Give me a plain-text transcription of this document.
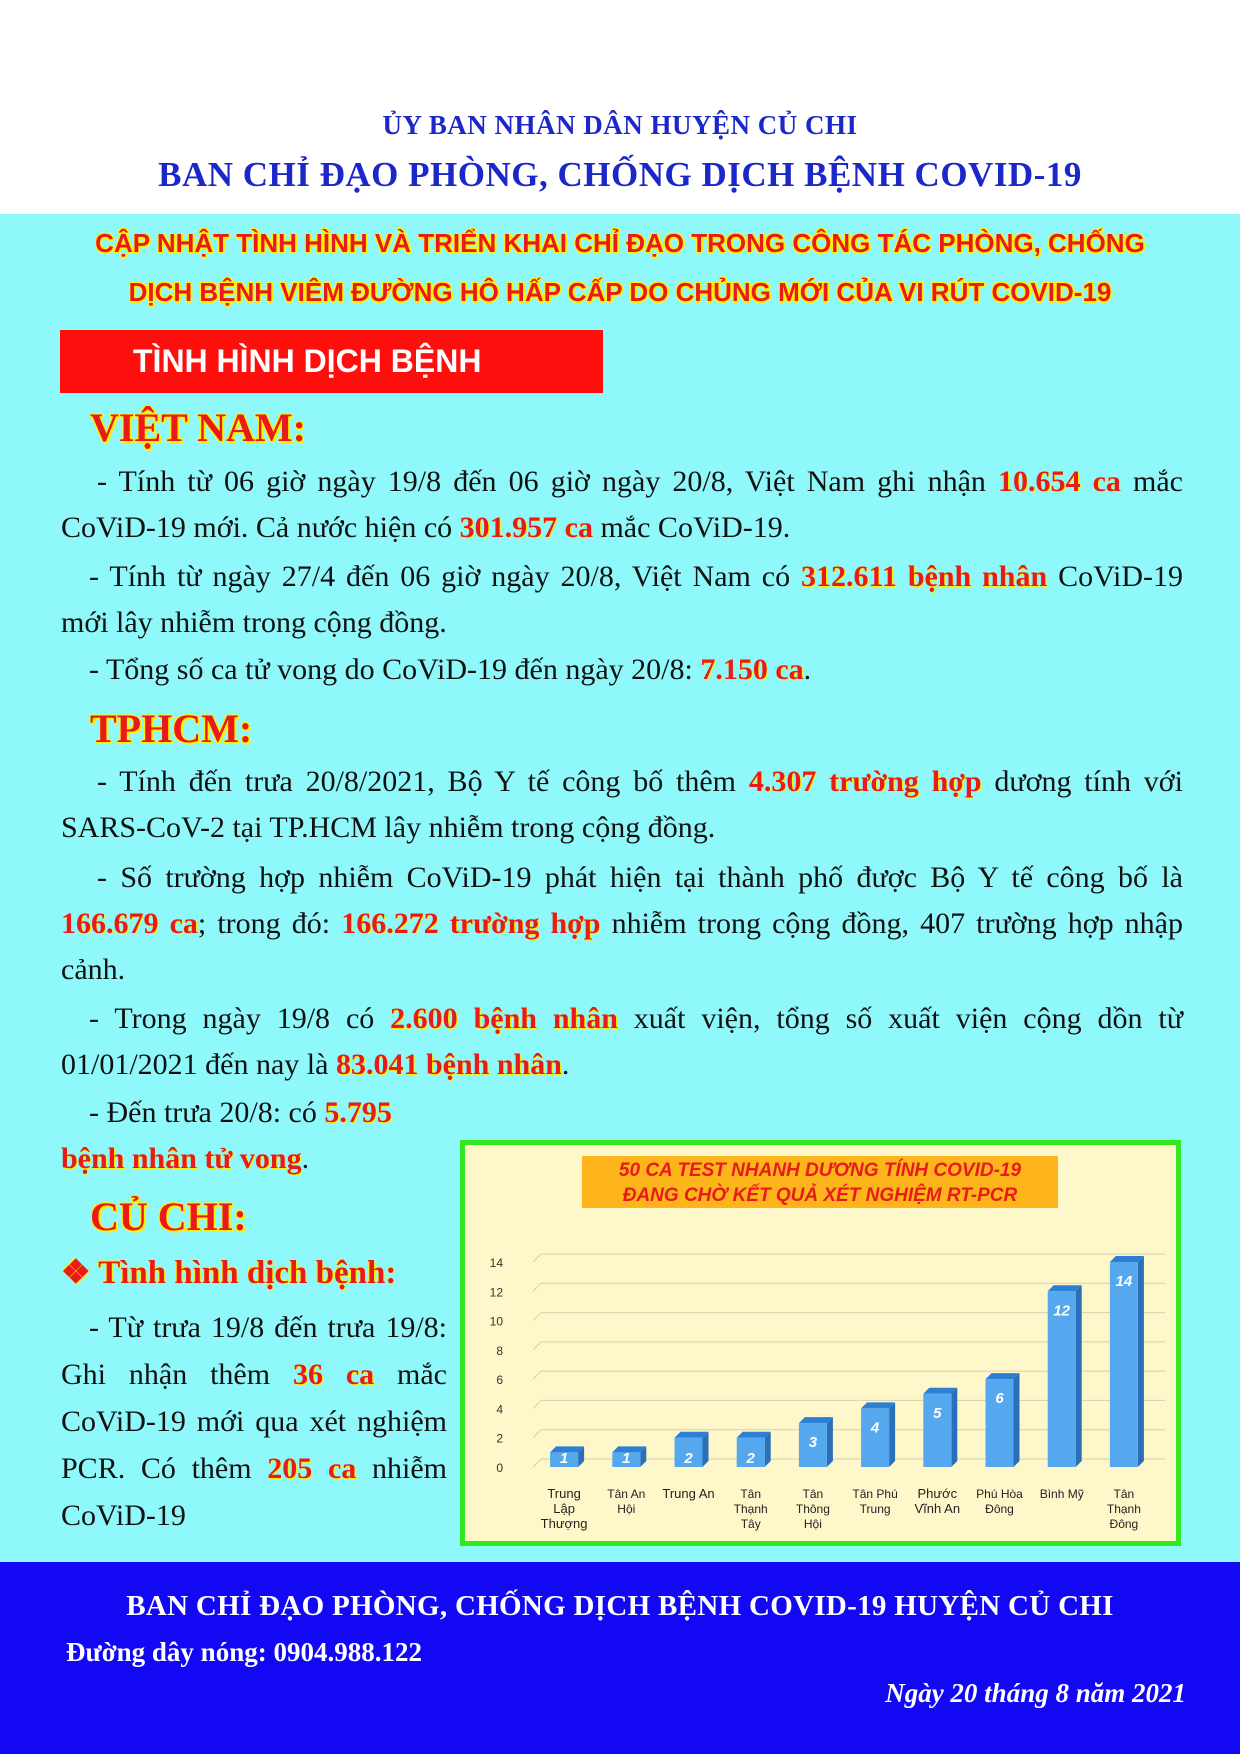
ỦY BAN NHÂN DÂN HUYỆN CỦ CHI
BAN CHỈ ĐẠO PHÒNG, CHỐNG DỊCH BỆNH COVID-19
CẬP NHẬT TÌNH HÌNH VÀ TRIỂN KHAI CHỈ ĐẠO TRONG CÔNG TÁC PHÒNG, CHỐNG
DỊCH BỆNH VIÊM ĐƯỜNG HÔ HẤP CẤP DO CHỦNG MỚI CỦA VI RÚT COVID-19
TÌNH HÌNH DỊCH BỆNH
VIỆT NAM:
- Tính từ 06 giờ ngày 19/8 đến 06 giờ ngày 20/8, Việt Nam ghi nhận 10.654 ca mắc CoViD-19 mới. Cả nước hiện có 301.957 ca mắc CoViD-19.
- Tính từ ngày 27/4 đến 06 giờ ngày 20/8, Việt Nam có 312.611 bệnh nhân CoViD-19 mới lây nhiễm trong cộng đồng.
- Tổng số ca tử vong do CoViD-19 đến ngày 20/8: 7.150 ca.
TPHCM:
- Tính đến trưa 20/8/2021, Bộ Y tế công bố thêm 4.307 trường hợp dương tính với SARS-CoV-2 tại TP.HCM lây nhiễm trong cộng đồng.
- Số trường hợp nhiễm CoViD-19 phát hiện tại thành phố được Bộ Y tế công bố là 166.679 ca; trong đó: 166.272 trường hợp nhiễm trong cộng đồng, 407 trường hợp nhập cảnh.
- Trong ngày 19/8 có 2.600 bệnh nhân xuất viện, tổng số xuất viện cộng dồn từ 01/01/2021 đến nay là 83.041 bệnh nhân.
- Đến trưa 20/8: có 5.795 bệnh nhân tử vong.
CỦ CHI:
❖ Tình hình dịch bệnh:
- Từ trưa 19/8 đến trưa 19/8: Ghi nhận thêm 36 ca mắc CoViD-19 mới qua xét nghiệm PCR. Có thêm 205 ca nhiễm CoViD-19
50 CA TEST NHANH DƯƠNG TÍNH COVID-19
ĐANG CHỜ KẾT QUẢ XÉT NGHIỆM RT-PCR
0
2
4
6
8
10
12
14
1
Trung
Lập
Thượng
1
Tân An
Hội
2
Trung An
2
Tân
Thạnh
Tây
3
Tân
Thông
Hội
4
Tân Phú
Trung
5
Phước
Vĩnh An
6
Phú Hòa
Đông
12
Bình Mỹ
14
Tân
Thạnh
Đông
BAN CHỈ ĐẠO PHÒNG, CHỐNG DỊCH BỆNH COVID-19 HUYỆN CỦ CHI
Đường dây nóng: 0904.988.122
Ngày 20 tháng 8 năm 2021
